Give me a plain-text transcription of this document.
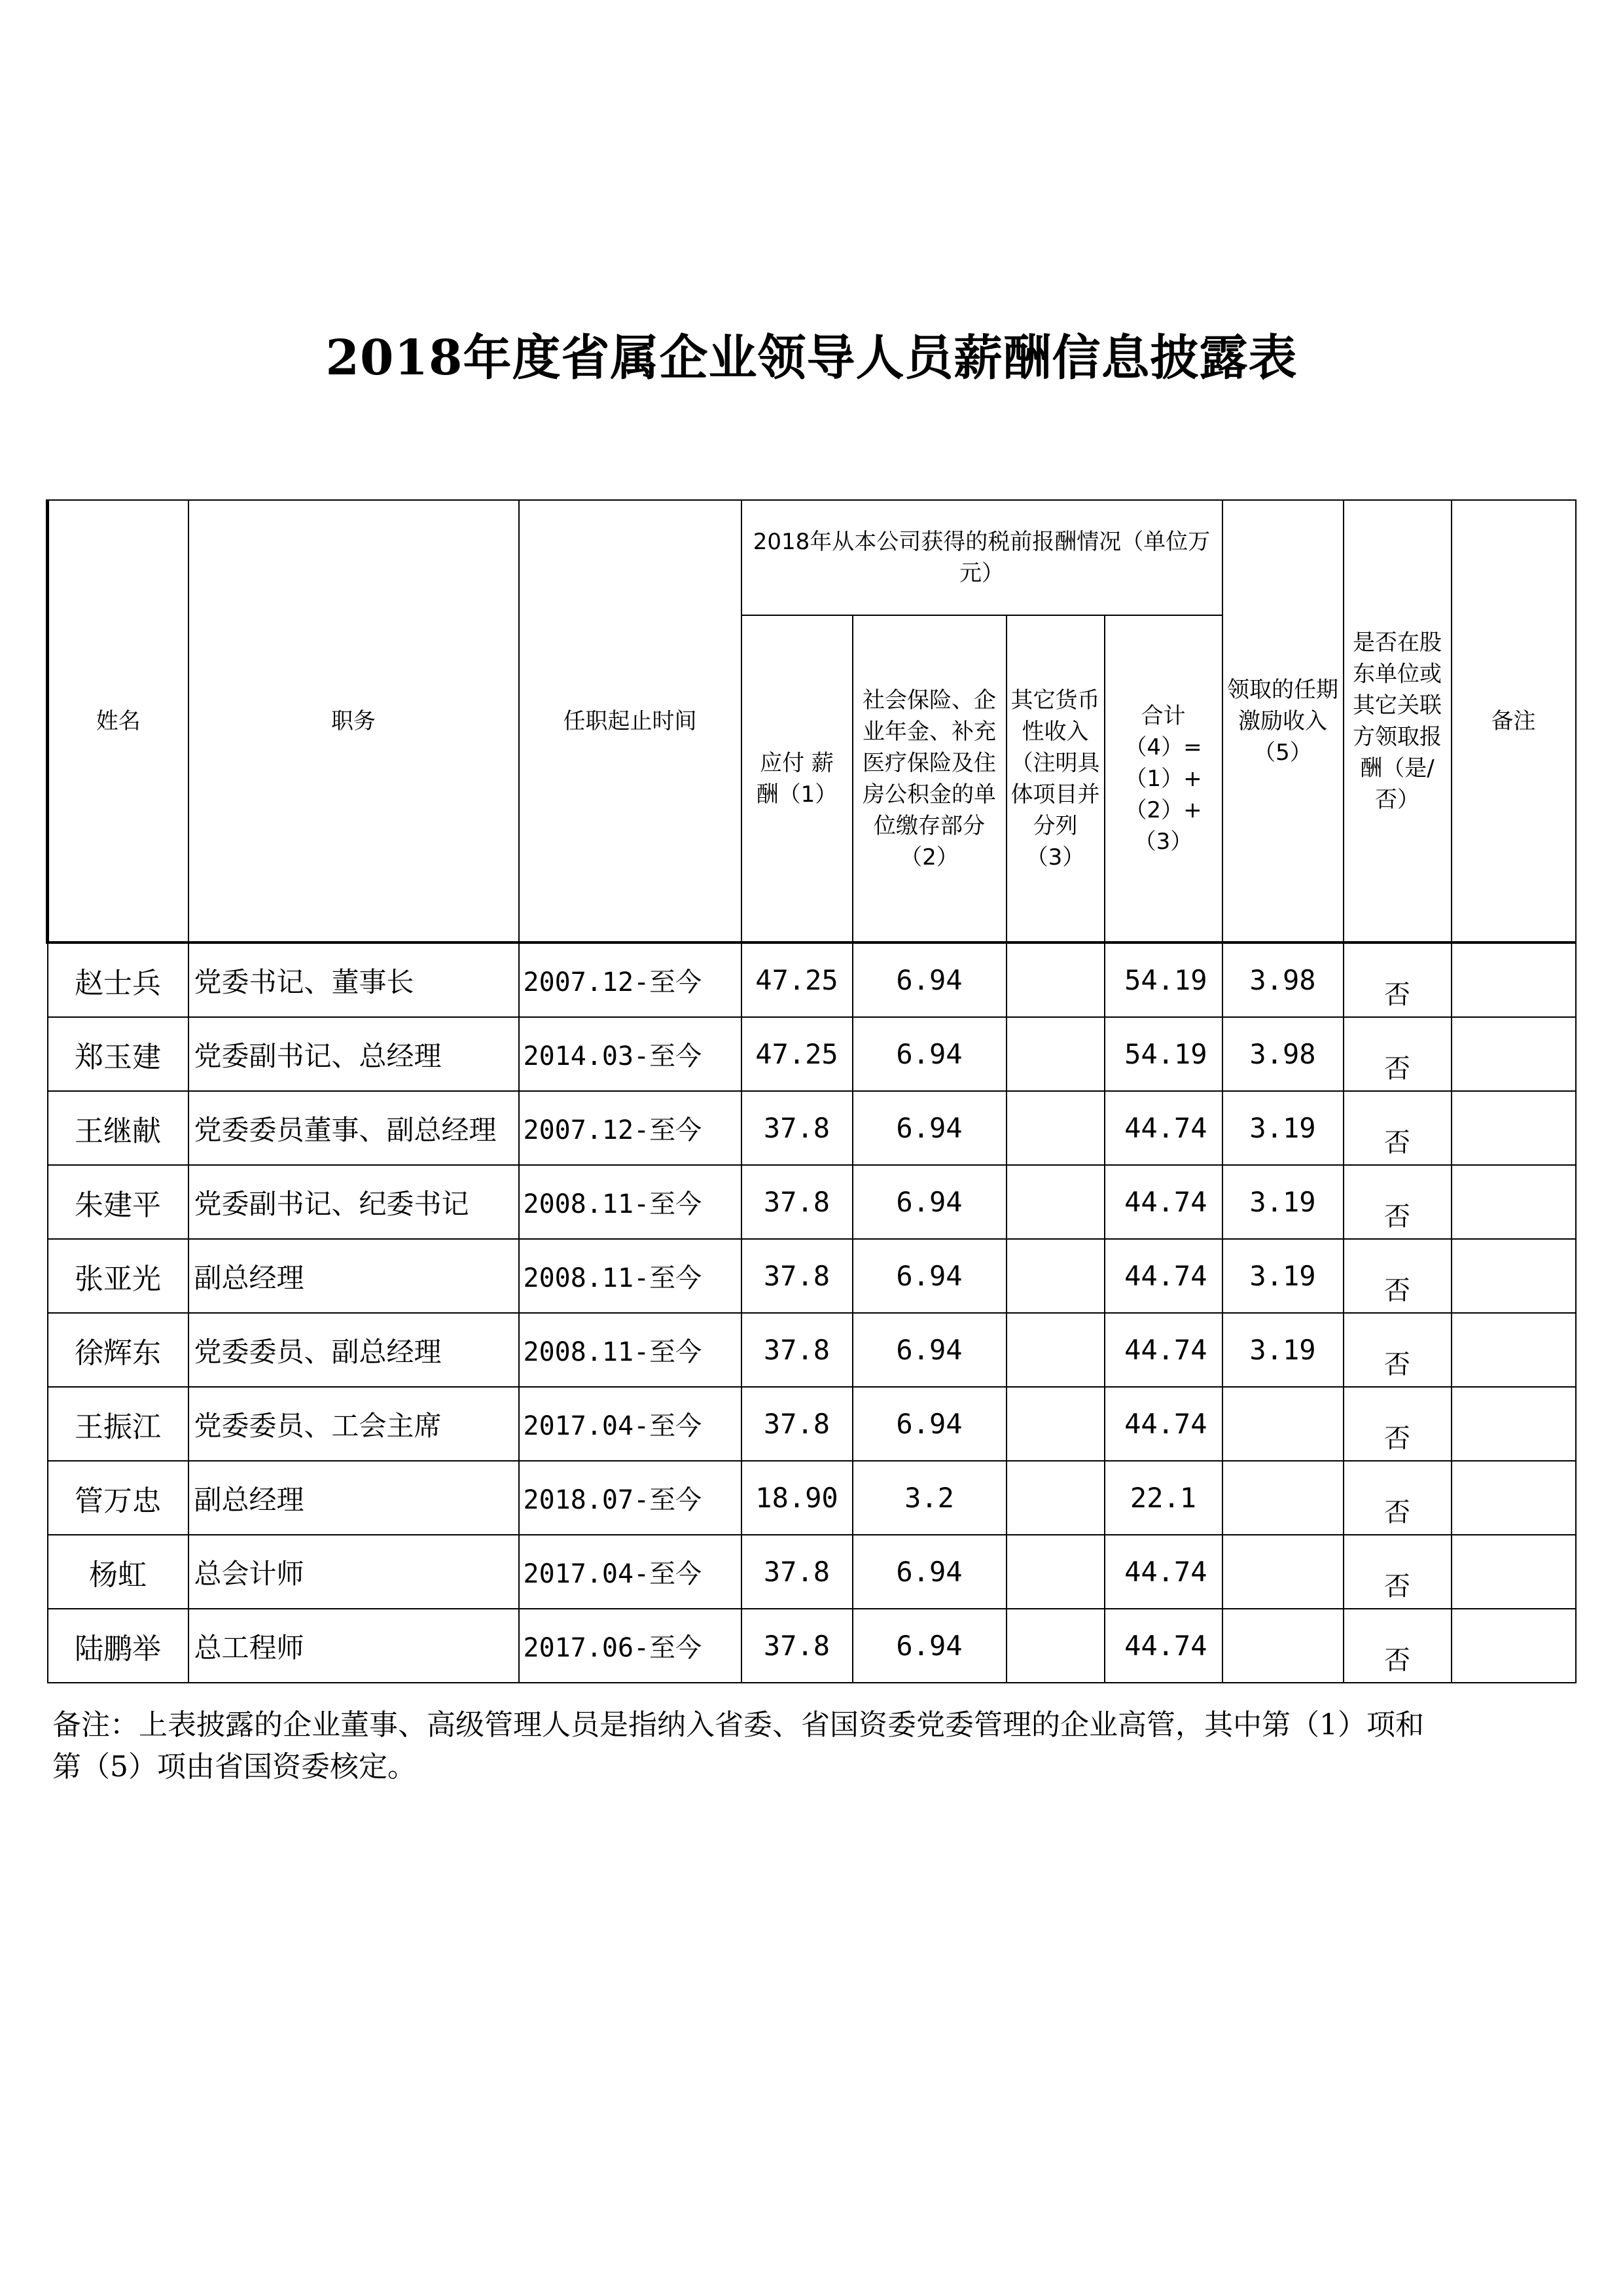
2018年度省属企业领导人员薪酬信息披露表
姓名	职务	任职起止时间	2018年从本公司获得的税前报酬情况（单位万元）				领取的任期激励收入（5）	是否在股东单位或其它关联方领取报酬（是/否）	备注
			应付 薪酬（1）	社会保险、企业年金、补充医疗保险及住房公积金的单位缴存部分（2）	其它货币性收入（注明具体项目并分列（3）	合计（4）=（1）+（2）+（3）			
赵士兵	党委书记、董事长	2007.12-至今	47.25	6.94		54.19	3.98	否	
郑玉建	党委副书记、总经理	2014.03-至今	47.25	6.94		54.19	3.98	否	
王继献	党委委员董事、副总经理	2007.12-至今	37.8	6.94		44.74	3.19	否	
朱建平	党委副书记、纪委书记	2008.11-至今	37.8	6.94		44.74	3.19	否	
张亚光	副总经理	2008.11-至今	37.8	6.94		44.74	3.19	否	
徐辉东	党委委员、副总经理	2008.11-至今	37.8	6.94		44.74	3.19	否	
王振江	党委委员、工会主席	2017.04-至今	37.8	6.94		44.74		否	
管万忠	副总经理	2018.07-至今	18.90	3.2		22.1		否	
杨虹	总会计师	2017.04-至今	37.8	6.94		44.74		否	
陆鹏举	总工程师	2017.06-至今	37.8	6.94		44.74		否	
备注：上表披露的企业董事、高级管理人员是指纳入省委、省国资委党委管理的企业高管，其中第（1）项和第（5）项由省国资委核定。
